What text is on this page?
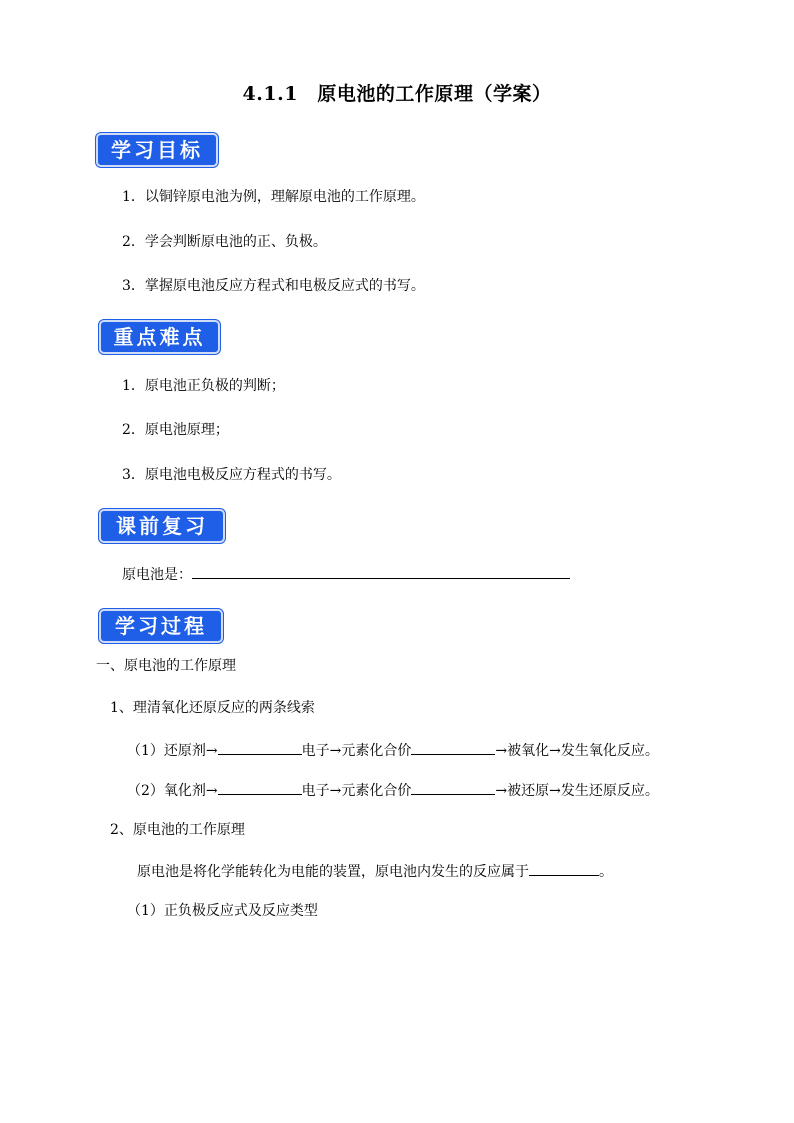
4.1.1　原电池的工作原理（学案）
学习目标
1．以铜锌原电池为例，理解原电池的工作原理。
2．学会判断原电池的正、负极。
3．掌握原电池反应方程式和电极反应式的书写。
重点难点
1．原电池正负极的判断；
2．原电池原理；
3．原电池电极反应方程式的书写。
课前复习
原电池是：
学习过程
一、原电池的工作原理
1、理清氧化还原反应的两条线索
（1）还原剂→	电子→元素化合价	→被氧化→发生氧化反应。
（2）氧化剂→	电子→元素化合价	→被还原→发生还原反应。
2、原电池的工作原理
原电池是将化学能转化为电能的装置，原电池内发生的反应属于	。
（1）正负极反应式及反应类型
